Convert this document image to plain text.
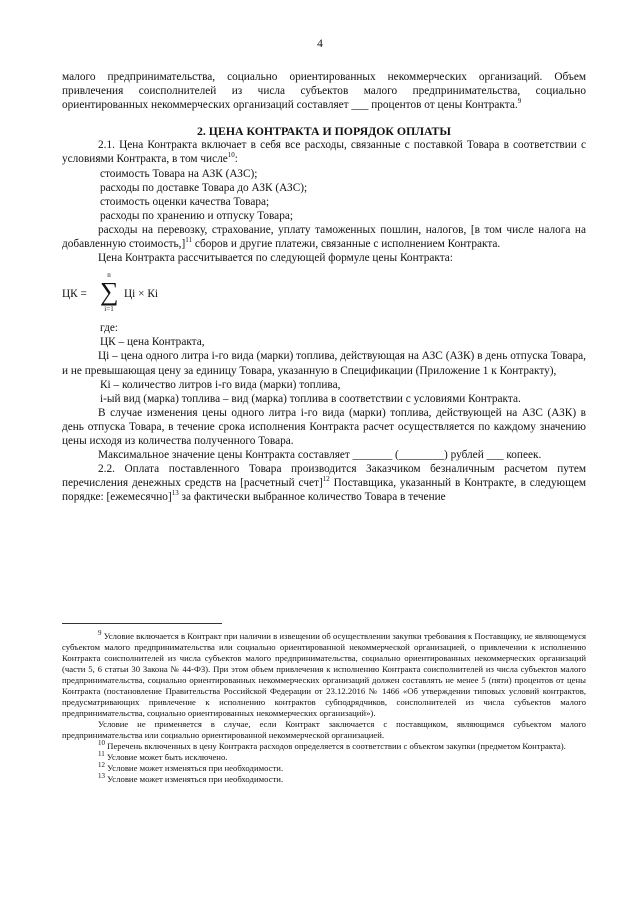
4

малого предпринимательства, социально ориентированных некоммерческих организаций. Объем привлечения соисполнителей из числа субъектов малого предпринимательства, социально ориентированных некоммерческих организаций составляет ___ процентов от цены Контракта.$^9$

2. ЦЕНА КОНТРАКТА И ПОРЯДОК ОПЛАТЫ

2.1. Цена Контракта включает в себя все расходы, связанные с поставкой Товара в соответствии с условиями Контракта, в том числе$^{10}$:

стоимость Товара на АЗК (АЗС);

расходы по доставке Товара до АЗК (АЗС);

стоимость оценки качества Товара;

расходы по хранению и отпуску Товара;

расходы на перевозку, страхование, уплату таможенных пошлин, налогов, [в том числе налога на добавленную стоимость,]$^{11}$ сборов и другие платежи, связанные с исполнением Контракта.

Цена Контракта рассчитывается по следующей формуле цены Контракта:

ЦК =
n
∑
i=1
Цi × Кi

где:

ЦК – цена Контракта,

Цi – цена одного литра i-го вида (марки) топлива, действующая на АЗС (АЗК) в день отпуска Товара, и не превышающая цену за единицу Товара, указанную в Спецификации (Приложение 1 к Контракту),

Кi – количество литров i-го вида (марки) топлива,

i-ый вид (марка) топлива – вид (марка) топлива в соответствии с условиями Контракта.

В случае изменения цены одного литра i-го вида (марки) топлива, действующей на АЗС (АЗК) в день отпуска Товара, в течение срока исполнения Контракта расчет осуществляется по каждому значению цены исходя из количества полученного Товара.

Максимальное значение цены Контракта составляет _______ (________) рублей ___ копеек.

2.2. Оплата поставленного Товара производится Заказчиком безналичным расчетом путем перечисления денежных средств на [расчетный счет]$^{12}$ Поставщика, указанный в Контракте, в следующем порядке: [ежемесячно]$^{13}$ за фактически выбранное количество Товара в течение

$^9$ Условие включается в Контракт при наличии в извещении об осуществлении закупки требования к Поставщику, не являющемуся субъектом малого предпринимательства или социально ориентированной некоммерческой организацией, о привлечении к исполнению Контракта соисполнителей из числа субъектов малого предпринимательства, социально ориентированных некоммерческих организаций (части 5, 6 статьи 30 Закона № 44-ФЗ). При этом объем привлечения к исполнению Контракта соисполнителей из числа субъектов малого предпринимательства, социально ориентированных некоммерческих организаций должен составлять не менее 5 (пяти) процентов от цены Контракта (постановление Правительства Российской Федерации от 23.12.2016 № 1466 «Об утверждении типовых условий контрактов, предусматривающих привлечение к исполнению контрактов субподрядчиков, соисполнителей из числа субъектов малого предпринимательства, социально ориентированных некоммерческих организаций»).

Условие не применяется в случае, если Контракт заключается с поставщиком, являющимся субъектом малого предпринимательства или социально ориентированной некоммерческой организацией.

$^{10}$ Перечень включенных в цену Контракта расходов определяется в соответствии с объектом закупки (предметом Контракта).

$^{11}$ Условие может быть исключено.

$^{12}$ Условие может изменяться при необходимости.

$^{13}$ Условие может изменяться при необходимости.
